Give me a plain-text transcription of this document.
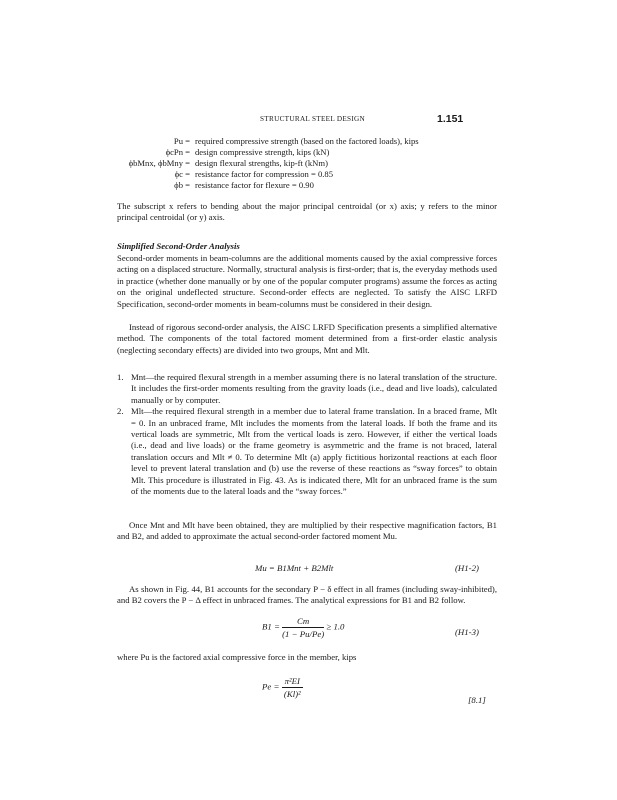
STRUCTURAL STEEL DESIGN	1.151
Pu = required compressive strength (based on the factored loads), kips
ϕcPn = design compressive strength, kips (kN)
ϕbMnx, ϕbMny = design flexural strengths, kip-ft (kNm)
ϕc = resistance factor for compression = 0.85
ϕb = resistance factor for flexure = 0.90
The subscript x refers to bending about the major principal centroidal (or x) axis; y refers to the minor principal centroidal (or y) axis.
Simplified Second-Order Analysis
Second-order moments in beam-columns are the additional moments caused by the axial compressive forces acting on a displaced structure. Normally, structural analysis is first-order; that is, the everyday methods used in practice (whether done manually or by one of the popular computer programs) assume the forces as acting on the original undeflected structure. Second-order effects are neglected. To satisfy the AISC LRFD Specification, second-order moments in beam-columns must be considered in their design.
Instead of rigorous second-order analysis, the AISC LRFD Specification presents a simplified alternative method. The components of the total factored moment determined from a first-order elastic analysis (neglecting secondary effects) are divided into two groups, Mnt and Mlt.
1. Mnt—the required flexural strength in a member assuming there is no lateral translation of the structure. It includes the first-order moments resulting from the gravity loads (i.e., dead and live loads), calculated manually or by computer.
2. Mlt—the required flexural strength in a member due to lateral frame translation. In a braced frame, Mlt = 0. In an unbraced frame, Mlt includes the moments from the lateral loads. If both the frame and its vertical loads are symmetric, Mlt from the vertical loads is zero. However, if either the vertical loads (i.e., dead and live loads) or the frame geometry is asymmetric and the frame is not braced, lateral translation occurs and Mlt ≠ 0. To determine Mlt (a) apply fictitious horizontal reactions at each floor level to prevent lateral translation and (b) use the reverse of these reactions as “sway forces” to obtain Mlt. This procedure is illustrated in Fig. 43. As is indicated there, Mlt for an unbraced frame is the sum of the moments due to the lateral loads and the “sway forces.”
Once Mnt and Mlt have been obtained, they are multiplied by their respective magnification factors, B1 and B2, and added to approximate the actual second-order factored moment Mu.
Mu = B1Mnt + B2Mlt	(H1-2)
As shown in Fig. 44, B1 accounts for the secondary P − δ effect in all frames (including sway-inhibited), and B2 covers the P − Δ effect in unbraced frames. The analytical expressions for B1 and B2 follow.
$B1 = \frac{Cm}{(1 - Pu/Pe)} \ge 1.0$
(H1-3)
where Pu is the factored axial compressive force in the member, kips
$Pe = \frac{\text{π²EI}}{\text{(Kl)²}}$
[8.1]
